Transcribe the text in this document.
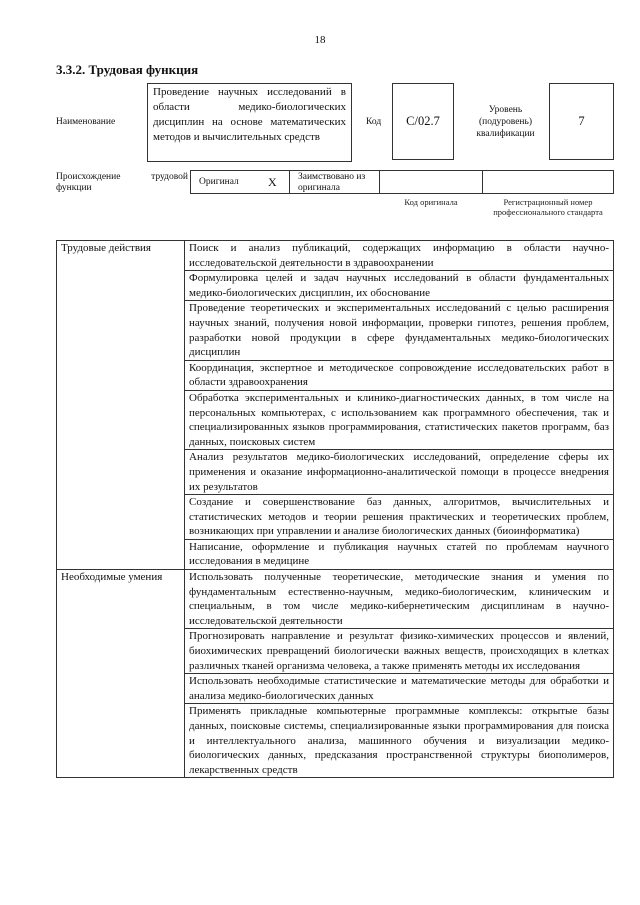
18
3.3.2. Трудовая функция
Наименование
Проведение научных исследований в области медико-биологических дисциплин на основе математических методов и вычислительных средств
Код	C/02.7
Уровень (подуровень) квалификации
7
Происхождение трудовой функции
Оригинал X Заимствовано из оригинала
Код оригинала	Регистрационный номер профессионального стандарта
Трудовые действия	Поиск и анализ публикаций, содержащих информацию в области научно-исследовательской деятельности в здравоохранении
	Формулировка целей и задач научных исследований в области фундаментальных медико-биологических дисциплин, их обоснование
	Проведение теоретических и экспериментальных исследований с целью расширения научных знаний, получения новой информации, проверки гипотез, решения проблем, разработки новой продукции в сфере фундаментальных медико-биологических дисциплин
	Координация, экспертное и методическое сопровождение исследовательских работ в области здравоохранения
	Обработка экспериментальных и клинико-диагностических данных, в том числе на персональных компьютерах, с использованием как программного обеспечения, так и специализированных языков программирования, статистических пакетов программ, баз данных, поисковых систем
	Анализ результатов медико-биологических исследований, определение сферы их применения и оказание информационно-аналитической помощи в процессе внедрения их результатов
	Создание и совершенствование баз данных, алгоритмов, вычислительных и статистических методов и теории решения практических и теоретических проблем, возникающих при управлении и анализе биологических данных (биоинформатика)
	Написание, оформление и публикация научных статей по проблемам научного исследования в медицине
Необходимые умения	Использовать полученные теоретические, методические знания и умения по фундаментальным естественно-научным, медико-биологическим, клиническим и специальным, в том числе медико-кибернетическим дисциплинам в научно-исследовательской деятельности
	Прогнозировать направление и результат физико-химических процессов и явлений, биохимических превращений биологически важных веществ, происходящих в клетках различных тканей организма человека, а также применять методы их исследования
	Использовать необходимые статистические и математические методы для обработки и анализа медико-биологических данных
	Применять прикладные компьютерные программные комплексы: открытые базы данных, поисковые системы, специализированные языки программирования для поиска и интеллектуального анализа, машинного обучения и визуализации медико-биологических данных, предсказания пространственной структуры биополимеров, лекарственных средств
